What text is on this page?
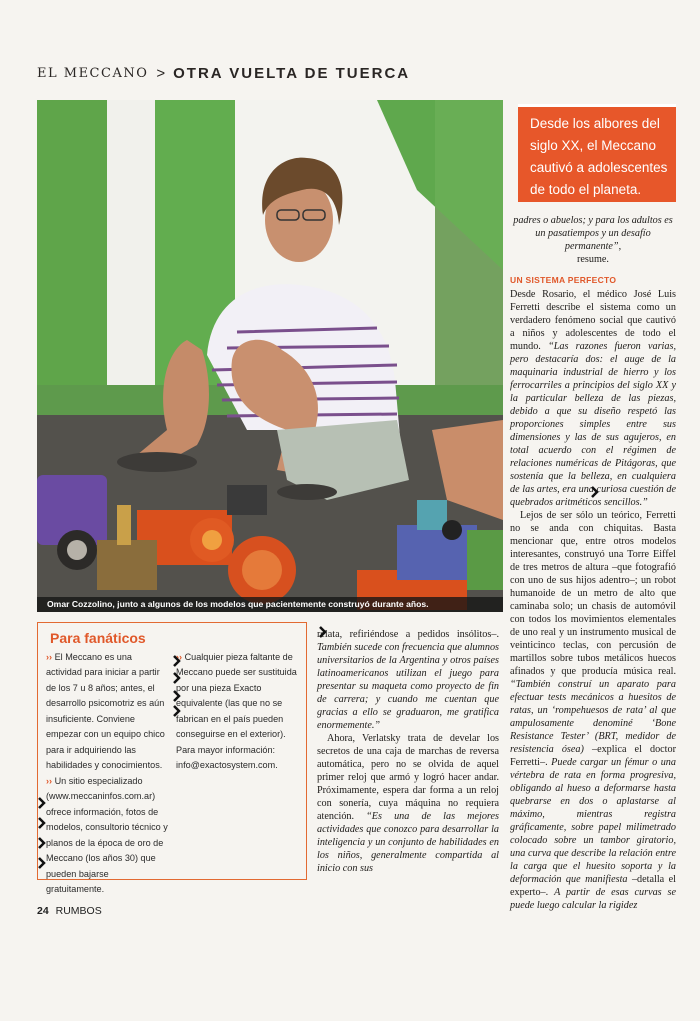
EL MECCANO > OTRA VUELTA DE TUERCA
Omar Cozzolino, junto a algunos de los modelos que pacientemente construyó durante años.
Desde los albores del
siglo XX, el Meccano
cautivó a adolescentes
de todo el planeta.

padres o abuelos; y para los adultos es un pasatiempos y un desafío permanente”,

resume.

UN SISTEMA PERFECTO

Desde Rosario, el médico José Luis Ferretti describe el sistema como un verdadero fenómeno social que cautivó a niños y adolescentes de todo el mundo. “Las razones fueron varias, pero destacaría dos: el auge de la maquinaria industrial de hierro y los ferrocarriles a principios del siglo XX y la particular belleza de las piezas, debido a que su diseño respetó las proporciones simples entre sus dimensiones y las de sus agujeros, en total acuerdo con el régimen de relaciones numéricas de Pitágoras, que sostenía que la belleza, en cualquiera de las artes, era una curiosa cuestión de quebrados aritméticos sencillos.”

Lejos de ser sólo un teórico, Ferretti no se anda con chiquitas. Basta mencionar que, entre otros modelos interesantes, construyó una Torre Eiffel de tres metros de altura –que fotografió con uno de sus hijos adentro–; un robot humanoide de un metro de alto que caminaba solo; un chasis de automóvil con todos los movimientos elementales de uno real y un instrumento musical de veinticinco teclas, con percusión de martillos sobre tubos metálicos huecos afinados y que producía música real. “También construí un aparato para efectuar tests mecánicos a huesitos de ratas, un ‘rompehuesos de rata’ al que ampulosamente denominé ‘Bone Resistance Tester’ (BRT, medidor de resistencia ósea) –explica el doctor Ferretti–. Puede cargar un fémur o una vértebra de rata en forma progresiva, obligando al hueso a deformarse hasta quebrarse en dos o aplastarse al máximo, mientras registra gráficamente, sobre papel milimetrado colocado sobre un tambor giratorio, una curva que describe la relación entre la carga que el huesito soporta y la deformación que manifiesta –detalla el experto–. A partir de esas curvas se puede luego calcular la rigidez

Para fanáticos

›› El Meccano es una actividad para iniciar a partir de los 7 u 8 años; antes, el desarrollo psicomotriz es aún insuficiente. Conviene empezar con un equipo chico para ir adquiriendo las habilidades y conocimientos.

›› Un sitio especializado (www.meccaninfos.com.ar) ofrece información, fotos de modelos, consultorio técnico y planos de la época de oro de Meccano (los años 30) que pueden bajarse gratuitamente.

›› Cualquier pieza faltante de Meccano puede ser sustituida por una pieza Exacto equivalente (las que no se fabrican en el país pueden conseguirse en el exterior).

Para mayor información: info@exactosystem.com.

relata, refiriéndose a pedidos insólitos–. También sucede con frecuencia que alumnos universitarios de la Argentina y otros países latinoamericanos utilizan el juego para presentar su maqueta como proyecto de fin de carrera; y cuando me cuentan que gracias a ello se graduaron, me gratifica enormemente.”

Ahora, Verlatsky trata de develar los secretos de una caja de marchas de reversa automática, pero no se olvida de aquel primer reloj que armó y logró hacer andar. Próximamente, espera dar forma a un reloj con sonería, cuya máquina no requiera atención. “Es una de las mejores actividades que conozco para desarrollar la inteligencia y un conjunto de habilidades en los niños, generalmente compartida al inicio con sus

24 RUMBOS
